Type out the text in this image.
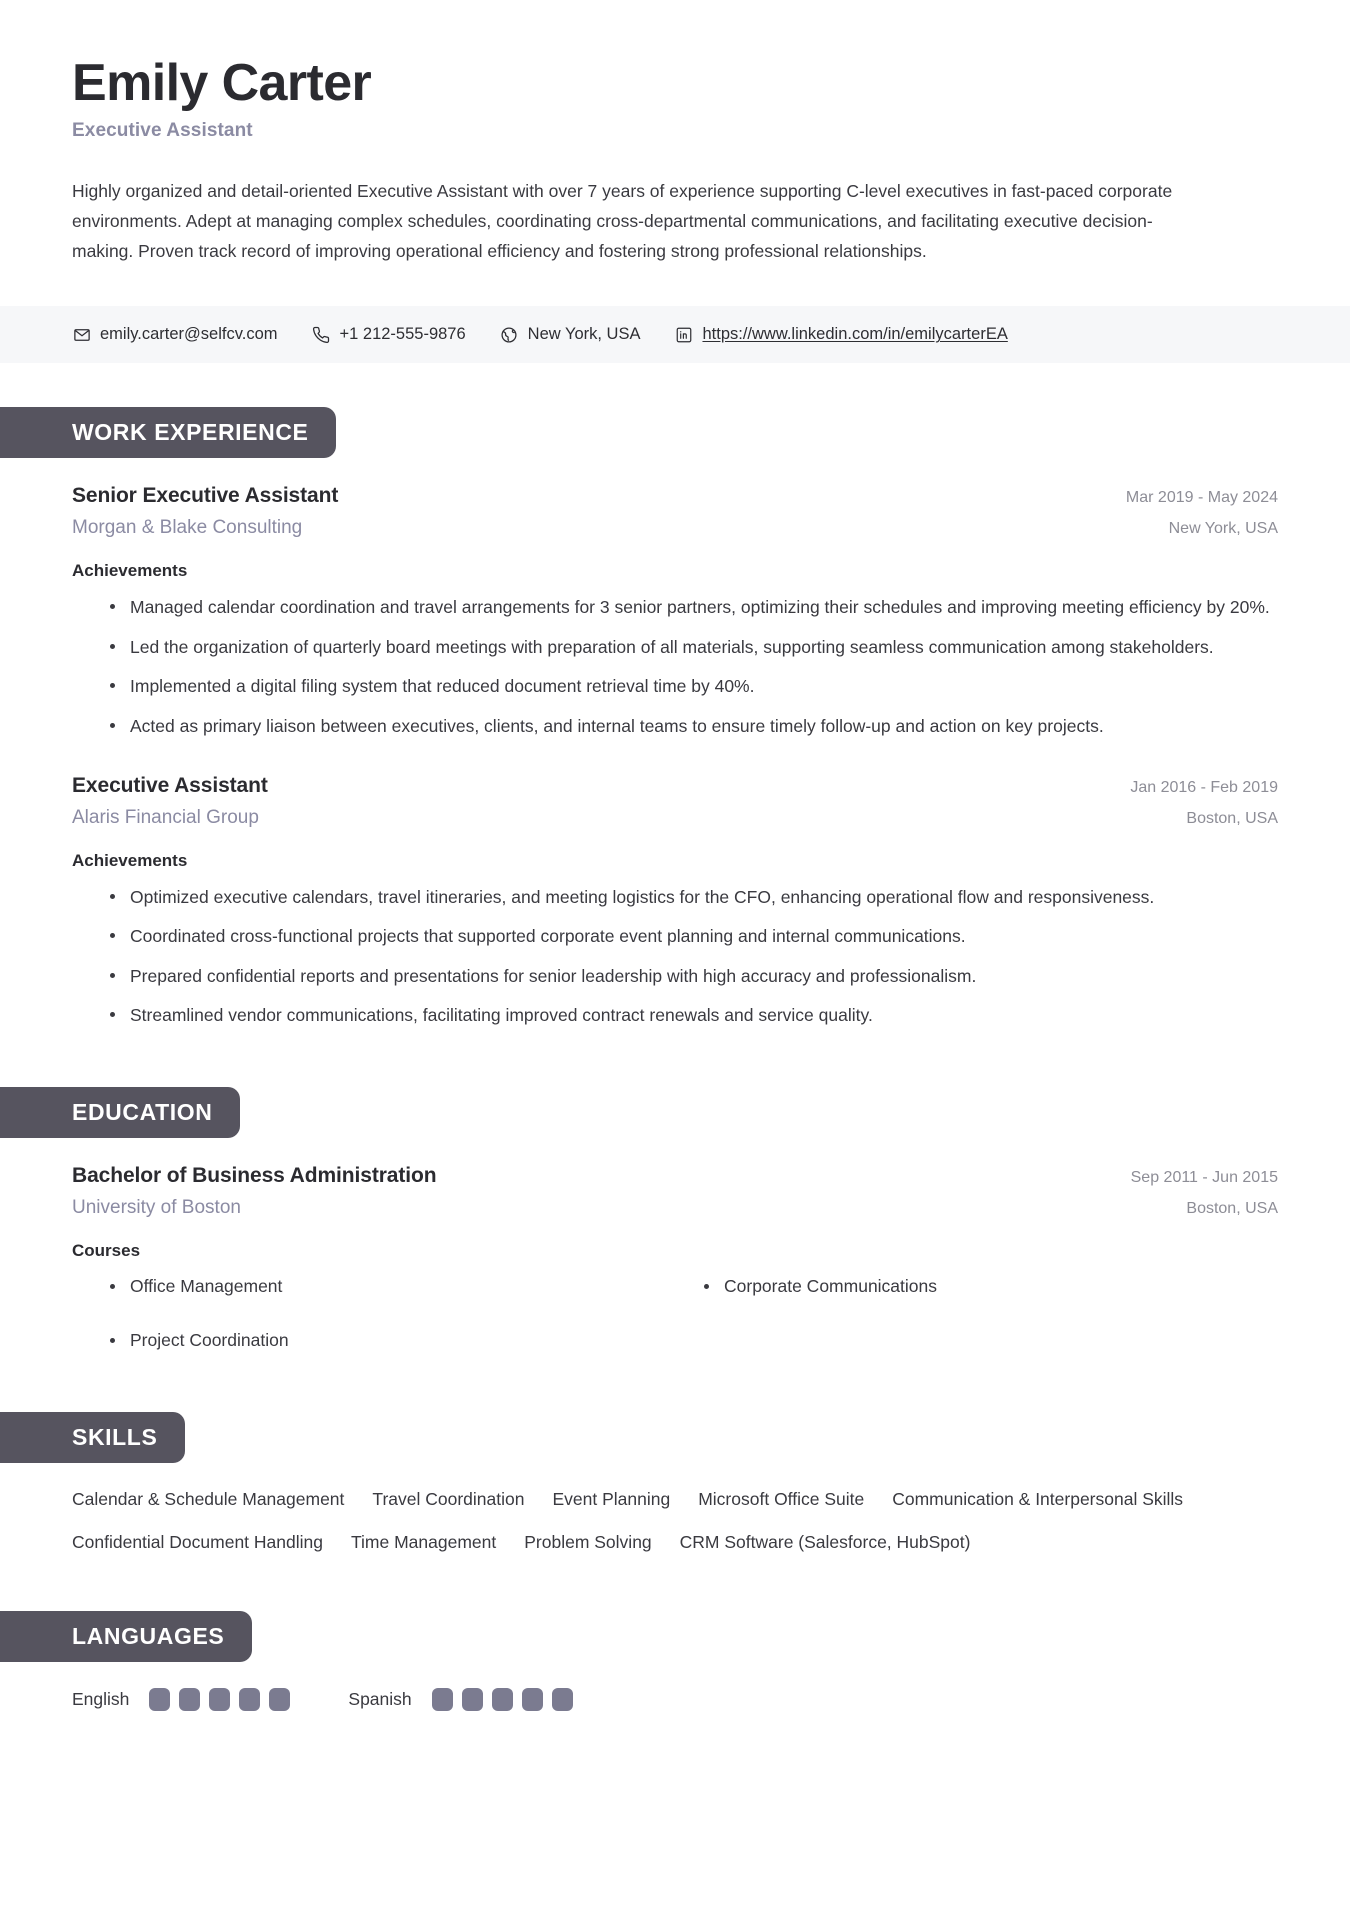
Emily Carter
Executive Assistant
Highly organized and detail-oriented Executive Assistant with over 7 years of experience supporting C-level executives in fast-paced corporate environments. Adept at managing complex schedules, coordinating cross-departmental communications, and facilitating executive decision-making. Proven track record of improving operational efficiency and fostering strong professional relationships.
emily.carter@selfcv.com	+1 212-555-9876	New York, USA	https://www.linkedin.com/in/emilycarterEA
WORK EXPERIENCE
Senior Executive Assistant	Mar 2019 - May 2024
Morgan & Blake Consulting	New York, USA
Achievements
Managed calendar coordination and travel arrangements for 3 senior partners, optimizing their schedules and improving meeting efficiency by 20%.
Led the organization of quarterly board meetings with preparation of all materials, supporting seamless communication among stakeholders.
Implemented a digital filing system that reduced document retrieval time by 40%.
Acted as primary liaison between executives, clients, and internal teams to ensure timely follow-up and action on key projects.
Executive Assistant	Jan 2016 - Feb 2019
Alaris Financial Group	Boston, USA
Achievements
Optimized executive calendars, travel itineraries, and meeting logistics for the CFO, enhancing operational flow and responsiveness.
Coordinated cross-functional projects that supported corporate event planning and internal communications.
Prepared confidential reports and presentations for senior leadership with high accuracy and professionalism.
Streamlined vendor communications, facilitating improved contract renewals and service quality.
EDUCATION
Bachelor of Business Administration	Sep 2011 - Jun 2015
University of Boston	Boston, USA
Courses
Office Management	Corporate Communications
Project Coordination
SKILLS
Calendar & Schedule Management Travel Coordination Event Planning Microsoft Office Suite Communication & Interpersonal Skills
Confidential Document Handling Time Management Problem Solving CRM Software (Salesforce, HubSpot)
LANGUAGES
English	Spanish
